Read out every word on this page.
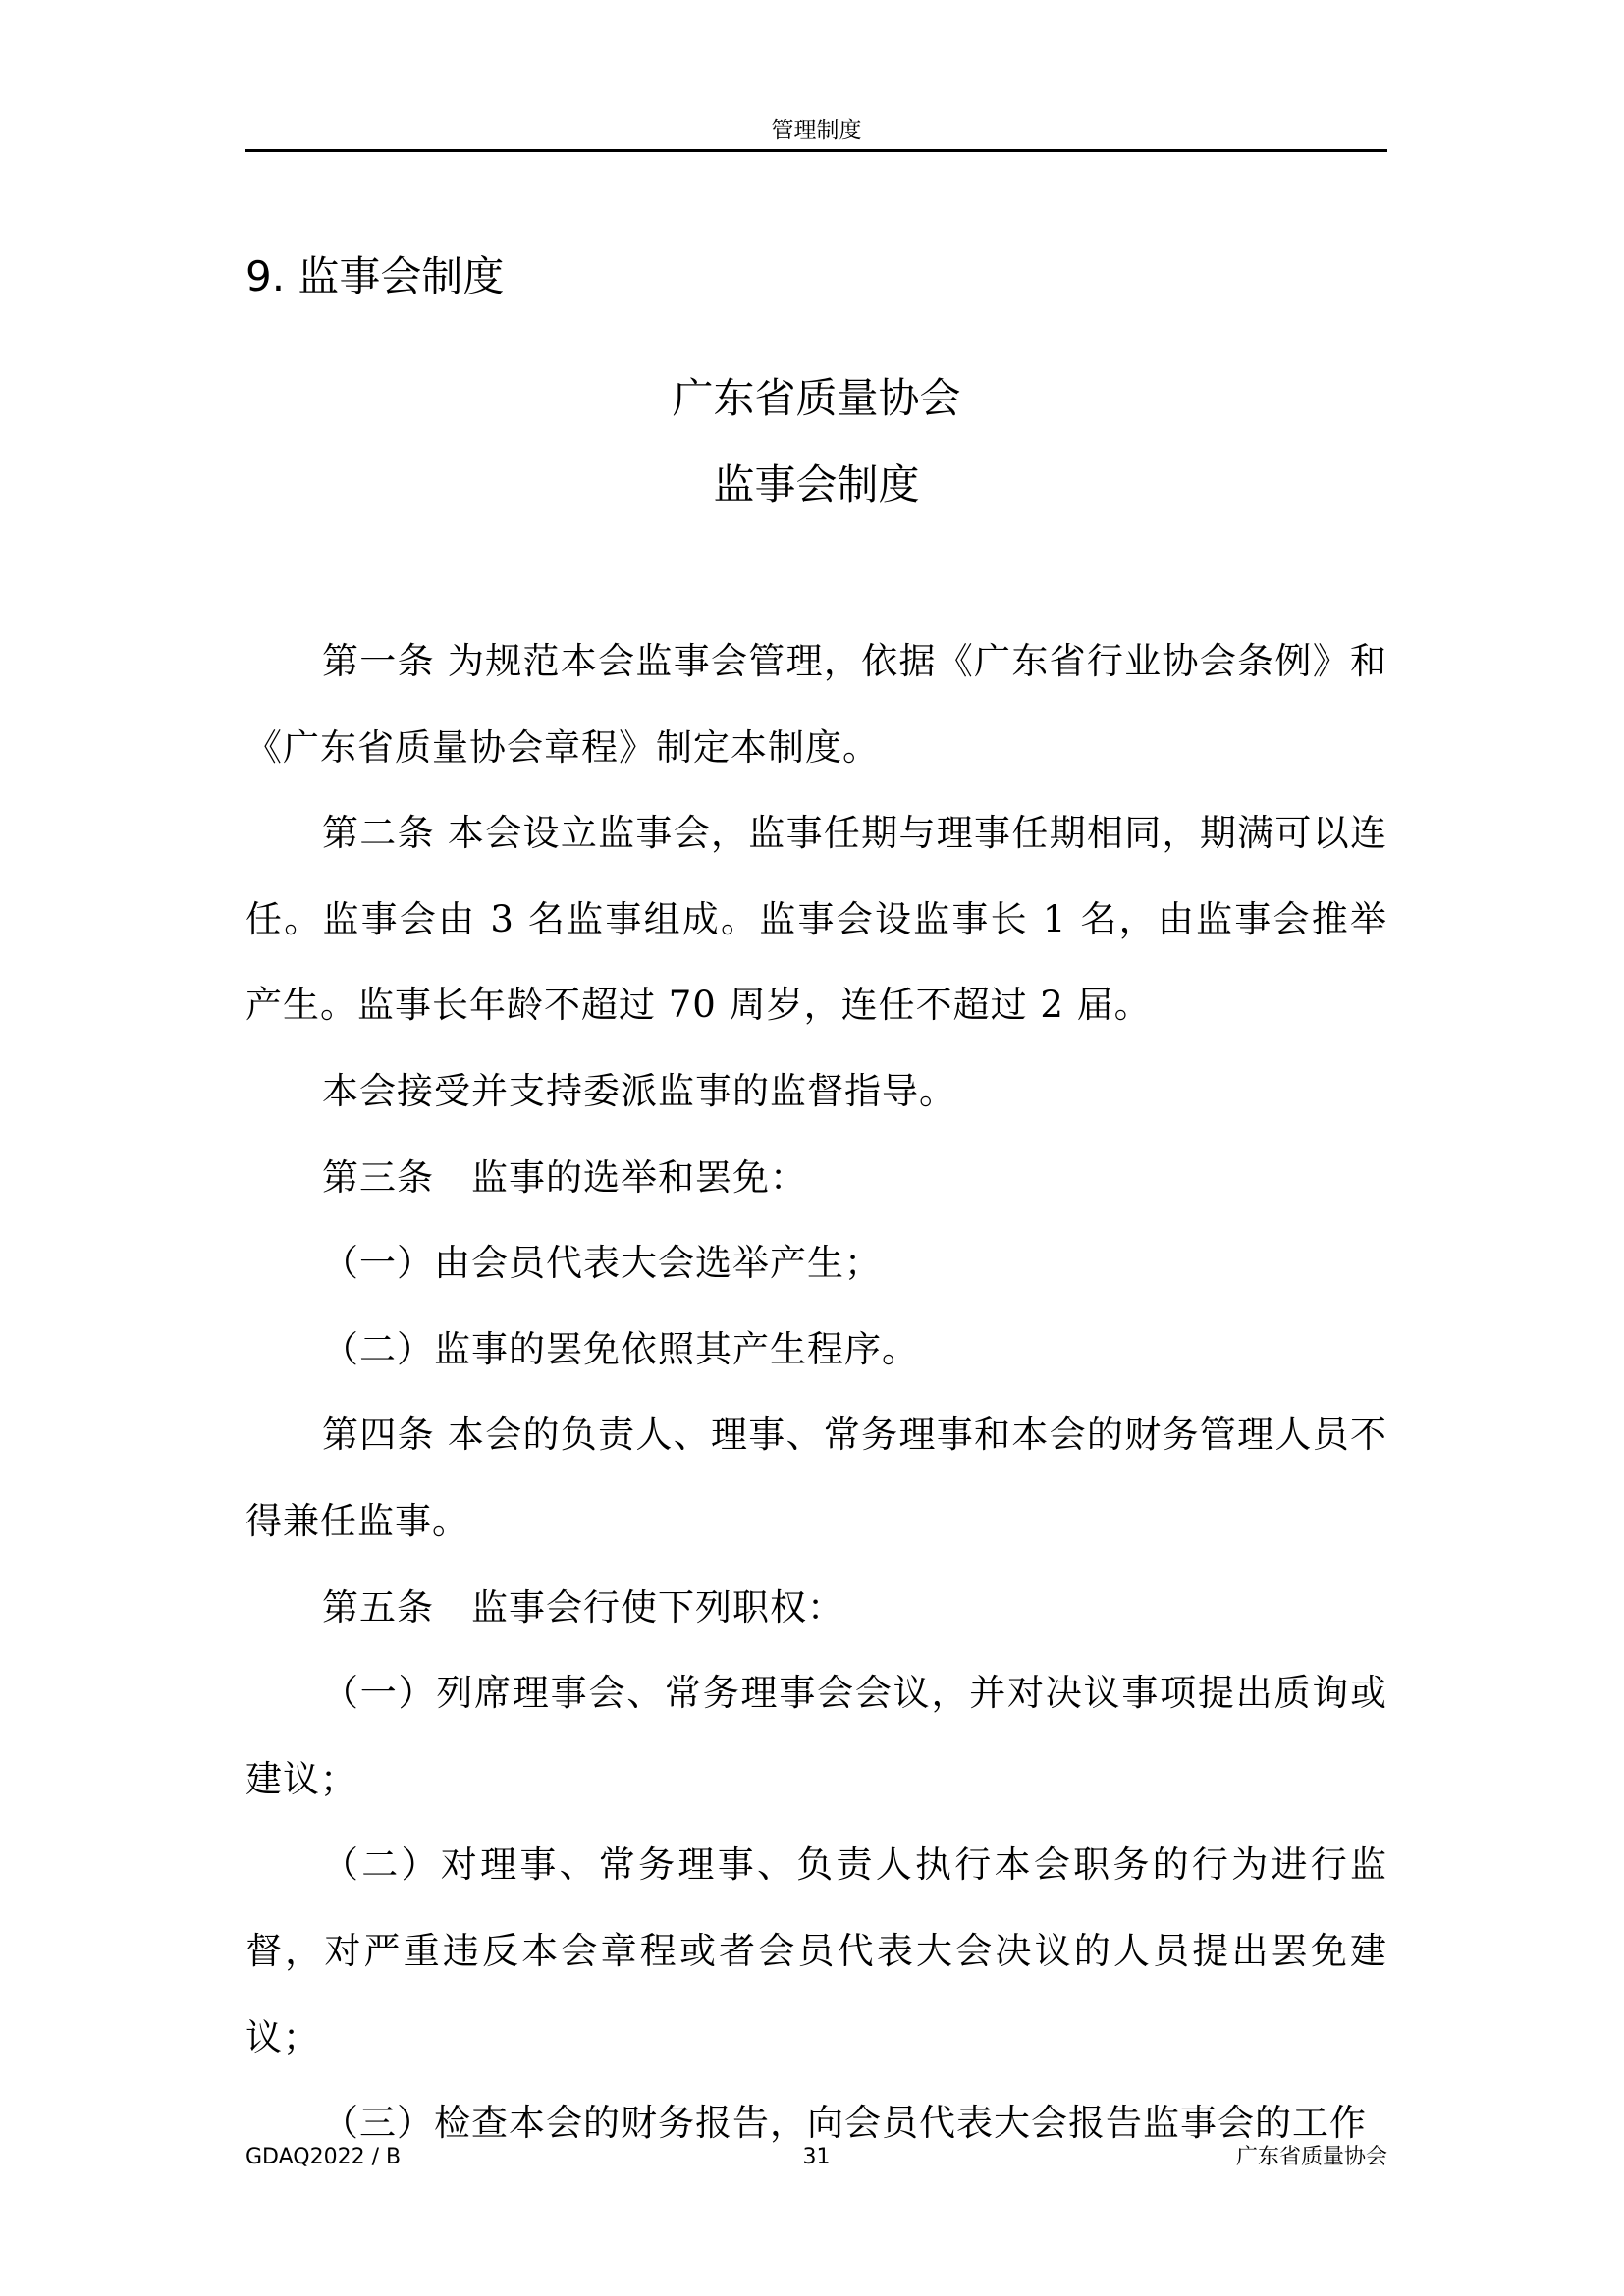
管理制度
9. 监事会制度
广东省质量协会
监事会制度

第一条 为规范本会监事会管理，依据《广东省行业协会条例》和《广东省质量协会章程》制定本制度。

第二条 本会设立监事会，监事任期与理事任期相同，期满可以连任。监事会由 3 名监事组成。监事会设监事长 1 名，由监事会推举产生。监事长年龄不超过 70 周岁，连任不超过 2 届。

本会接受并支持委派监事的监督指导。

第三条　监事的选举和罢免：

（一）由会员代表大会选举产生；

（二）监事的罢免依照其产生程序。

第四条 本会的负责人、理事、常务理事和本会的财务管理人员不得兼任监事。

第五条　监事会行使下列职权：

（一）列席理事会、常务理事会会议，并对决议事项提出质询或建议；

（二）对理事、常务理事、负责人执行本会职务的行为进行监督，对严重违反本会章程或者会员代表大会决议的人员提出罢免建议；

（三）检查本会的财务报告，向会员代表大会报告监事会的工作

GDAQ2022 / B	31	广东省质量协会
